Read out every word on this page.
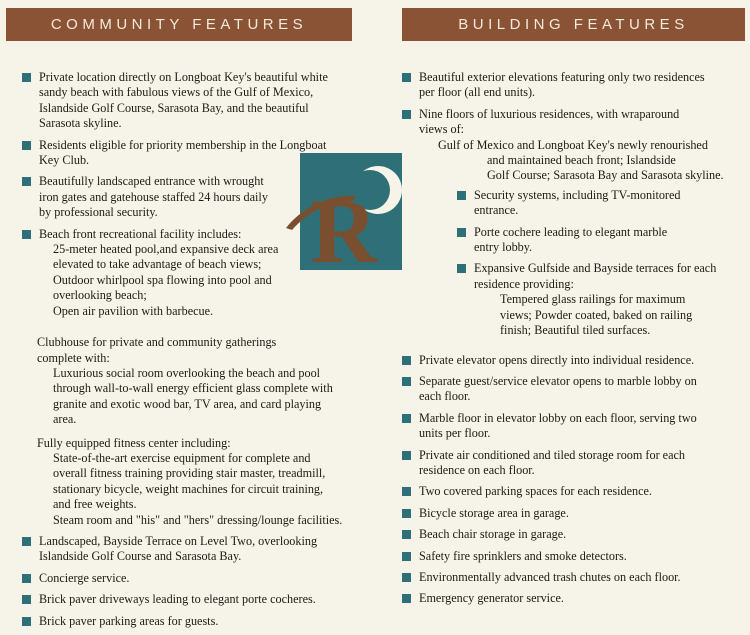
COMMUNITY FEATURES	BUILDING FEATURES
Private location directly on Longboat Key's beautiful white
sandy beach with fabulous views of the Gulf of Mexico,
Islandside Golf Course, Sarasota Bay, and the beautiful
Sarasota skyline.
Residents eligible for priority membership in the Longboat
Key Club.
Beautifully landscaped entrance with wrought
iron gates and gatehouse staffed 24 hours daily
by professional security.
Beach front recreational facility includes:
25-meter heated pool,and expansive deck area
elevated to take advantage of beach views;
Outdoor whirlpool spa flowing into pool and
overlooking beach;
Open air pavilion with barbecue.
Clubhouse for private and community gatherings
complete with:
Luxurious social room overlooking the beach and pool
through wall-to-wall energy efficient glass complete with
granite and exotic wood bar, TV area, and card playing
area.
Fully equipped fitness center including:
State-of-the-art exercise equipment for complete and
overall fitness training providing stair master, treadmill,
stationary bicycle, weight machines for circuit training,
and free weights.
Steam room and "his" and "hers" dressing/lounge facilities.
Landscaped, Bayside Terrace on Level Two, overlooking
Islandside Golf Course and Sarasota Bay.
Concierge service.
Brick paver driveways leading to elegant porte cocheres.
Brick paver parking areas for guests.
R
Beautiful exterior elevations featuring only two residences
per floor (all end units).
Nine floors of luxurious residences, with wraparound
views of:
Gulf of Mexico and Longboat Key's newly renourished
and maintained beach front; Islandside
Golf Course; Sarasota Bay and Sarasota skyline.
Security systems, including TV-monitored
entrance.
Porte cochere leading to elegant marble
entry lobby.
Expansive Gulfside and Bayside terraces for each
residence providing:
Tempered glass railings for maximum
views; Powder coated, baked on railing
finish; Beautiful tiled surfaces.
Private elevator opens directly into individual residence.
Separate guest/service elevator opens to marble lobby on
each floor.
Marble floor in elevator lobby on each floor, serving two
units per floor.
Private air conditioned and tiled storage room for each
residence on each floor.
Two covered parking spaces for each residence.
Bicycle storage area in garage.
Beach chair storage in garage.
Safety fire sprinklers and smoke detectors.
Environmentally advanced trash chutes on each floor.
Emergency generator service.
